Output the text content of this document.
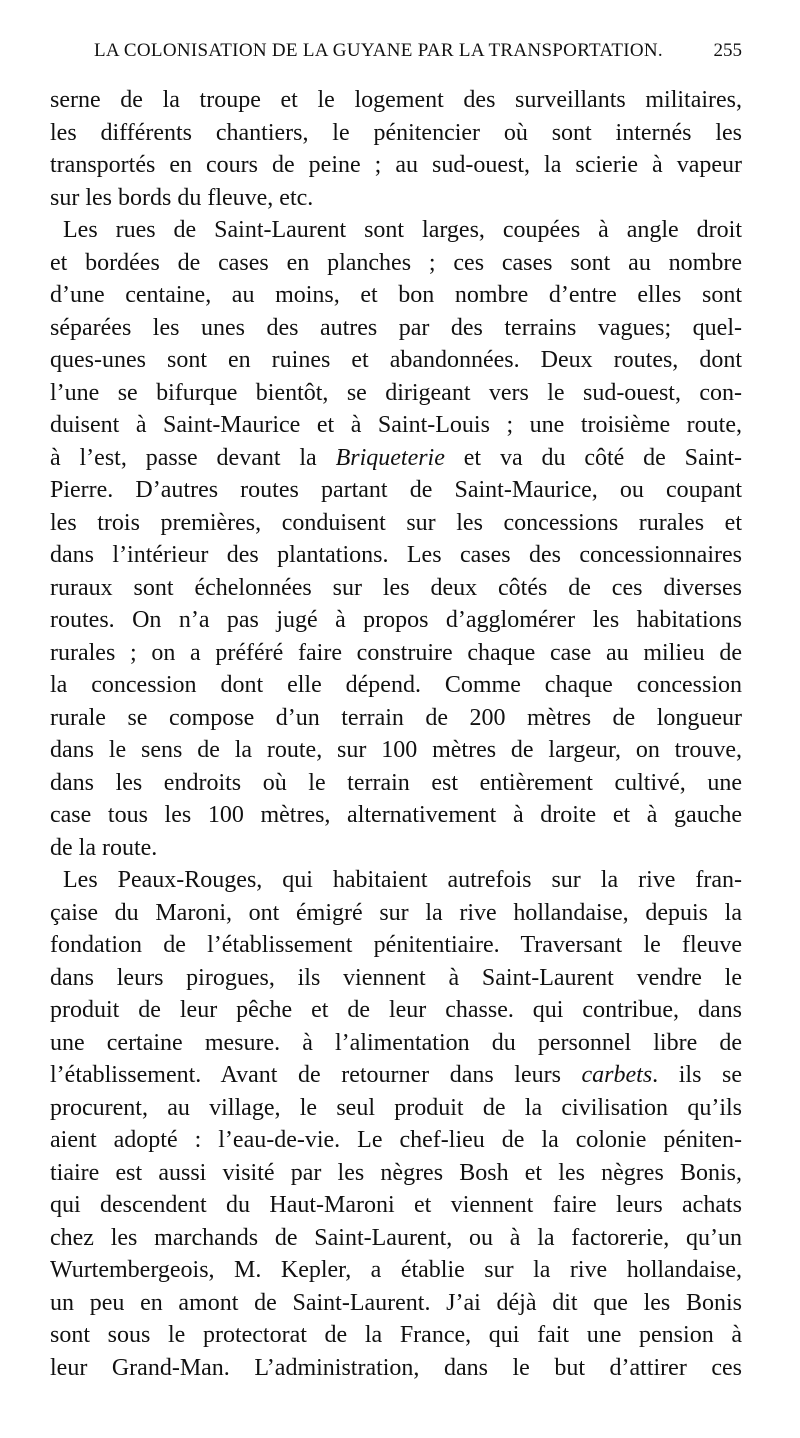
LA COLONISATION DE LA GUYANE PAR LA TRANSPORTATION.	255
serne de la troupe et le logement des surveillants militaires,
les différents chantiers, le pénitencier où sont internés les
transportés en cours de peine ; au sud-ouest, la scierie à vapeur
sur les bords du fleuve, etc.
Les rues de Saint-Laurent sont larges, coupées à angle droit
et bordées de cases en planches ; ces cases sont au nombre
d’une centaine, au moins, et bon nombre d’entre elles sont
séparées les unes des autres par des terrains vagues; quel-
ques-unes sont en ruines et abandonnées. Deux routes, dont
l’une se bifurque bientôt, se dirigeant vers le sud-ouest, con-
duisent à Saint-Maurice et à Saint-Louis ; une troisième route,
à l’est, passe devant la Briqueterie et va du côté de Saint-
Pierre. D’autres routes partant de Saint-Maurice, ou coupant
les trois premières, conduisent sur les concessions rurales et
dans l’intérieur des plantations. Les cases des concessionnaires
ruraux sont échelonnées sur les deux côtés de ces diverses
routes. On n’a pas jugé à propos d’agglomérer les habitations
rurales ; on a préféré faire construire chaque case au milieu de
la concession dont elle dépend. Comme chaque concession
rurale se compose d’un terrain de 200 mètres de longueur
dans le sens de la route, sur 100 mètres de largeur, on trouve,
dans les endroits où le terrain est entièrement cultivé, une
case tous les 100 mètres, alternativement à droite et à gauche
de la route.
Les Peaux-Rouges, qui habitaient autrefois sur la rive fran-
çaise du Maroni, ont émigré sur la rive hollandaise, depuis la
fondation de l’établissement pénitentiaire. Traversant le fleuve
dans leurs pirogues, ils viennent à Saint-Laurent vendre le
produit de leur pêche et de leur chasse. qui contribue, dans
une certaine mesure. à l’alimentation du personnel libre de
l’établissement. Avant de retourner dans leurs carbets. ils se
procurent, au village, le seul produit de la civilisation qu’ils
aient adopté : l’eau-de-vie. Le chef-lieu de la colonie péniten-
tiaire est aussi visité par les nègres Bosh et les nègres Bonis,
qui descendent du Haut-Maroni et viennent faire leurs achats
chez les marchands de Saint-Laurent, ou à la factorerie, qu’un
Wurtembergeois, M. Kepler, a établie sur la rive hollandaise,
un peu en amont de Saint-Laurent. J’ai déjà dit que les Bonis
sont sous le protectorat de la France, qui fait une pension à
leur Grand-Man. L’administration, dans le but d’attirer ces
